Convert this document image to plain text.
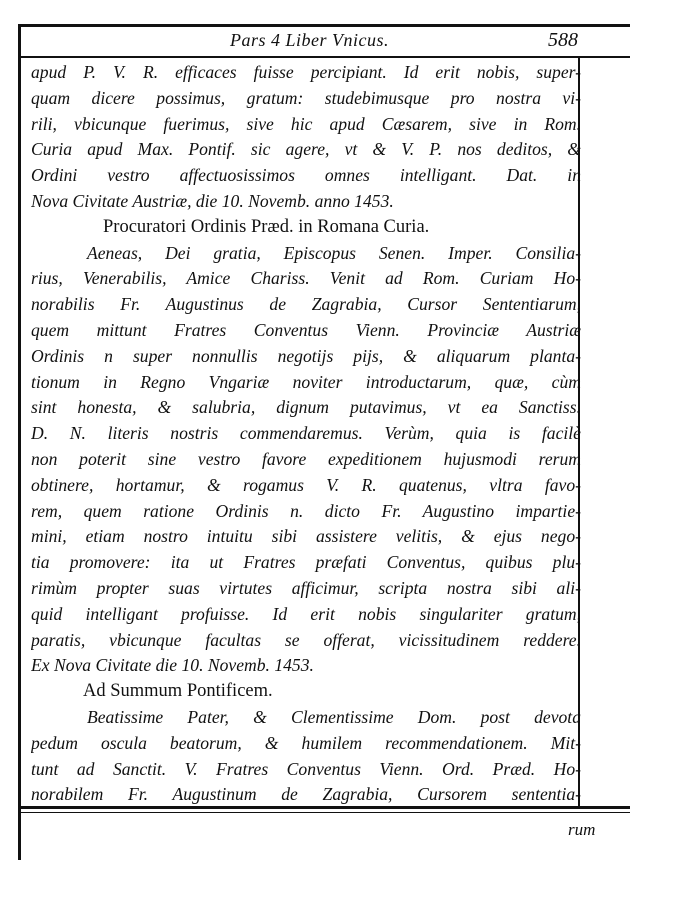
Pars 4 Liber Vnicus.	588
apud P. V. R. efficaces fuisse percipiant. Id erit nobis, super-
quam dicere possimus, gratum: studebimusque pro nostra vi-
rili, vbicunque fuerimus, sive hic apud Cæsarem, sive in Rom.
Curia apud Max. Pontif. sic agere, vt & V. P. nos deditos, &
Ordini vestro affectuosissimos omnes intelligant. Dat. in
Nova Civitate Austriæ, die 10. Novemb. anno 1453.
Procuratori Ordinis Præd. in Romana Curia.
Aeneas, Dei gratia, Episcopus Senen. Imper. Consilia-
rius, Venerabilis, Amice Chariss. Venit ad Rom. Curiam Ho-
norabilis Fr. Augustinus de Zagrabia, Cursor Sententiarum,
quem mittunt Fratres Conventus Vienn. Provinciæ Austriæ
Ordinis n super nonnullis negotijs pijs, & aliquarum planta-
tionum in Regno Vngariæ noviter introductarum, quæ, cùm
sint honesta, & salubria, dignum putavimus, vt ea Sanctiss.
D. N. literis nostris commendaremus. Verùm, quia is facilè
non poterit sine vestro favore expeditionem hujusmodi rerum
obtinere, hortamur, & rogamus V. R. quatenus, vltra favo-
rem, quem ratione Ordinis n. dicto Fr. Augustino impartie-
mini, etiam nostro intuitu sibi assistere velitis, & ejus nego-
tia promovere: ita ut Fratres præfati Conventus, quibus plu-
rimùm propter suas virtutes afficimur, scripta nostra sibi ali-
quid intelligant profuisse. Id erit nobis singulariter gratum,
paratis, vbicunque facultas se offerat, vicissitudinem reddere.
Ex Nova Civitate die 10. Novemb. 1453.
Ad Summum Pontificem.
Beatissime Pater, & Clementissime Dom. post devota
pedum oscula beatorum, & humilem recommendationem. Mit-
tunt ad Sanctit. V. Fratres Conventus Vienn. Ord. Præd. Ho-
norabilem Fr. Augustinum de Zagrabia, Cursorem sententia-
rum
